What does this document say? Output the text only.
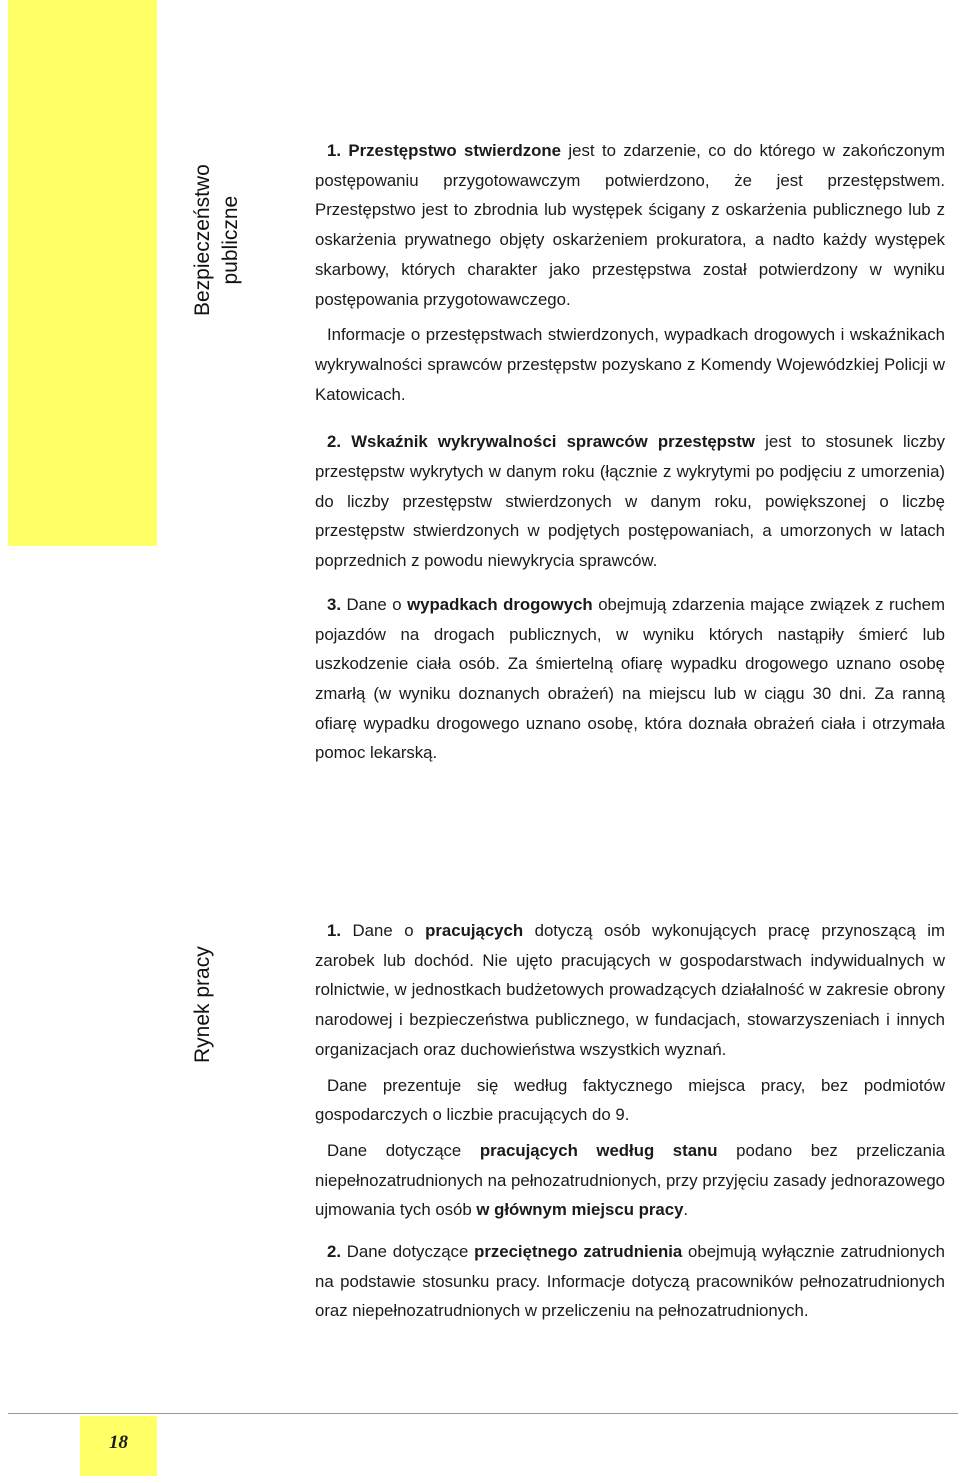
Bezpieczeństwo publiczne
Rynek pracy

1. Przestępstwo stwierdzone jest to zdarzenie, co do którego w zakończonym postępowaniu przygotowawczym potwierdzono, że jest przestępstwem. Przestępstwo jest to zbrodnia lub występek ścigany z oskarżenia publicznego lub z oskarżenia prywatnego objęty oskarżeniem prokuratora, a nadto każdy występek skarbowy, których charakter jako przestępstwa został potwierdzony w wyniku postępowania przygotowawczego.

Informacje o przestępstwach stwierdzonych, wypadkach drogowych i wskaźnikach wykrywalności sprawców przestępstw pozyskano z Komendy Wojewódzkiej Policji w Katowicach.

2. Wskaźnik wykrywalności sprawców przestępstw jest to stosunek liczby przestępstw wykrytych w danym roku (łącznie z wykrytymi po podjęciu z umorzenia) do liczby przestępstw stwierdzonych w danym roku, powiększonej o liczbę przestępstw stwierdzonych w podjętych postępowaniach, a umorzonych w latach poprzednich z powodu niewykrycia sprawców.

3. Dane o wypadkach drogowych obejmują zdarzenia mające związek z ruchem pojazdów na drogach publicznych, w wyniku których nastąpiły śmierć lub uszkodzenie ciała osób. Za śmiertelną ofiarę wypadku drogowego uznano osobę zmarłą (w wyniku doznanych obrażeń) na miejscu lub w ciągu 30 dni. Za ranną ofiarę wypadku drogowego uznano osobę, która doznała obrażeń ciała i otrzymała pomoc lekarską.

1. Dane o pracujących dotyczą osób wykonujących pracę przynoszącą im zarobek lub dochód. Nie ujęto pracujących w gospodarstwach indywidualnych w rolnictwie, w jednostkach budżetowych prowadzących działalność w zakresie obrony narodowej i bezpieczeństwa publicznego, w fundacjach, stowarzyszeniach i innych organizacjach oraz duchowieństwa wszystkich wyznań.

Dane prezentuje się według faktycznego miejsca pracy, bez podmiotów gospodarczych o liczbie pracujących do 9.

Dane dotyczące pracujących według stanu podano bez przeliczania niepełnozatrudnionych na pełnozatrudnionych, przy przyjęciu zasady jednorazowego ujmowania tych osób w głównym miejscu pracy.

2. Dane dotyczące przeciętnego zatrudnienia obejmują wyłącznie zatrudnionych na podstawie stosunku pracy. Informacje dotyczą pracowników pełnozatrudnionych oraz niepełnozatrudnionych w przeliczeniu na pełnozatrudnionych.

18
